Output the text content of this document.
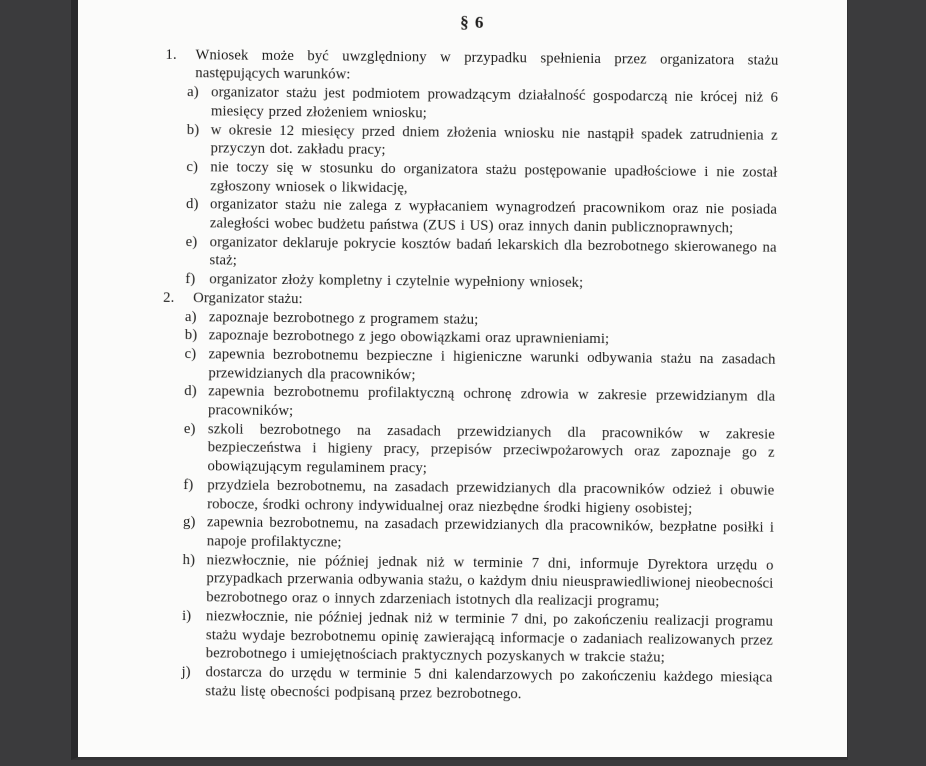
§ 6
1.	Wniosek może być uwzględniony w przypadku spełnienia przez organizatora stażu następujących warunków:
a) organizator stażu jest podmiotem prowadzącym działalność gospodarczą nie krócej niż 6 miesięcy przed złożeniem wniosku;
b) w okresie 12 miesięcy przed dniem złożenia wniosku nie nastąpił spadek zatrudnienia z przyczyn dot. zakładu pracy;
c) nie toczy się w stosunku do organizatora stażu postępowanie upadłościowe i nie został zgłoszony wniosek o likwidację,
d) organizator stażu nie zalega z wypłacaniem wynagrodzeń pracownikom oraz nie posiada zaległości wobec budżetu państwa (ZUS i US) oraz innych danin publicznoprawnych;
e) organizator deklaruje pokrycie kosztów badań lekarskich dla bezrobotnego skierowanego na staż;
f) organizator złoży kompletny i czytelnie wypełniony wniosek;
2.	Organizator stażu:
a) zapoznaje bezrobotnego z programem stażu;
b) zapoznaje bezrobotnego z jego obowiązkami oraz uprawnieniami;
c) zapewnia bezrobotnemu bezpieczne i higieniczne warunki odbywania stażu na zasadach przewidzianych dla pracowników;
d) zapewnia bezrobotnemu profilaktyczną ochronę zdrowia w zakresie przewidzianym dla pracowników;
e) szkoli bezrobotnego na zasadach przewidzianych dla pracowników w zakresie bezpieczeństwa i higieny pracy, przepisów przeciwpożarowych oraz zapoznaje go z obowiązującym regulaminem pracy;
f) przydziela bezrobotnemu, na zasadach przewidzianych dla pracowników odzież i obuwie robocze, środki ochrony indywidualnej oraz niezbędne środki higieny osobistej;
g) zapewnia bezrobotnemu, na zasadach przewidzianych dla pracowników, bezpłatne posiłki i napoje profilaktyczne;
h) niezwłocznie, nie później jednak niż w terminie 7 dni, informuje Dyrektora urzędu o przypadkach przerwania odbywania stażu, o każdym dniu nieusprawiedliwionej nieobecności bezrobotnego oraz o innych zdarzeniach istotnych dla realizacji programu;
i) niezwłocznie, nie później jednak niż w terminie 7 dni, po zakończeniu realizacji programu stażu wydaje bezrobotnemu opinię zawierającą informacje o zadaniach realizowanych przez bezrobotnego i umiejętnościach praktycznych pozyskanych w trakcie stażu;
j) dostarcza do urzędu w terminie 5 dni kalendarzowych po zakończeniu każdego miesiąca stażu listę obecności podpisaną przez bezrobotnego.
